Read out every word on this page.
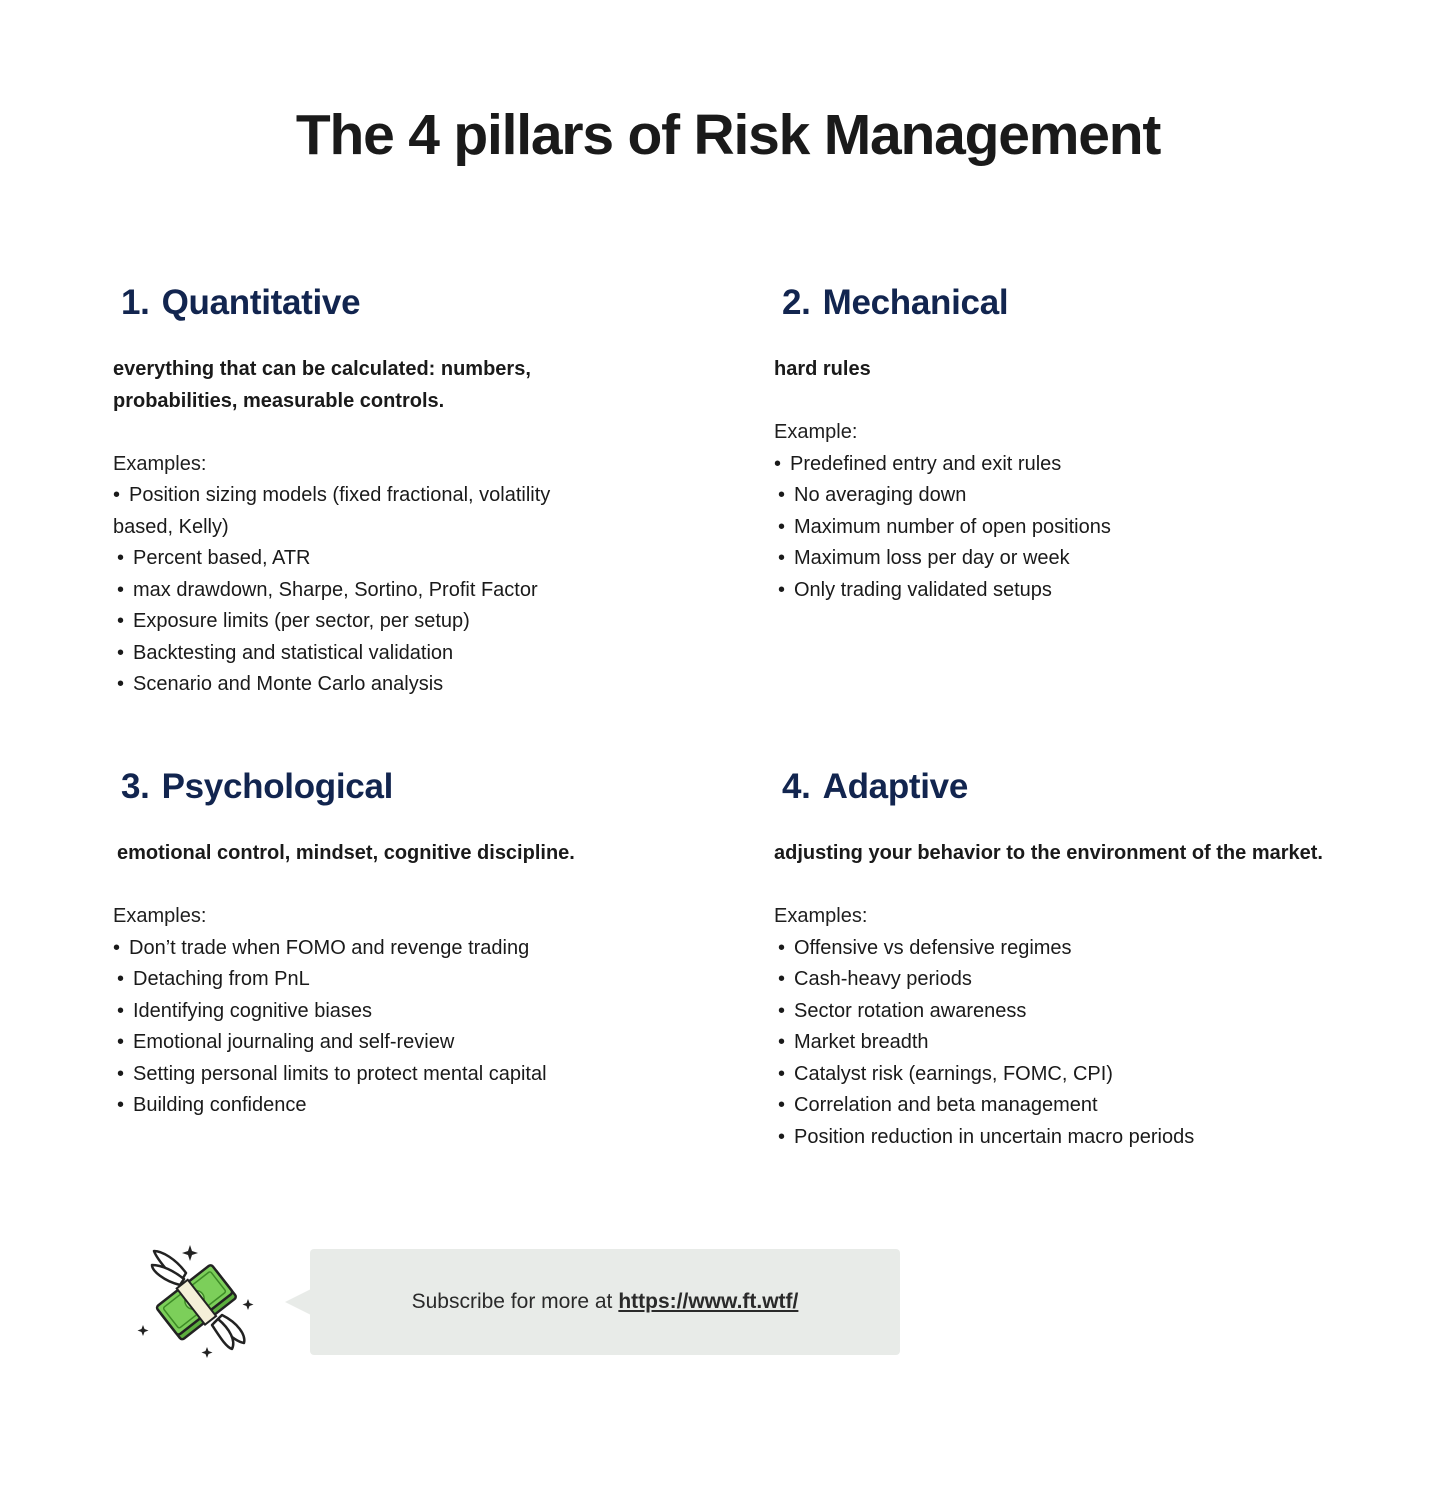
The 4 pillars of Risk Management
1. Quantitative
everything that can be calculated: numbers, probabilities, measurable controls.
Examples:
• Position sizing models (fixed fractional, volatility based, Kelly)
• Percent based, ATR
• max drawdown, Sharpe, Sortino, Profit Factor
• Exposure limits (per sector, per setup)
• Backtesting and statistical validation
• Scenario and Monte Carlo analysis
2. Mechanical
hard rules
Example:
• Predefined entry and exit rules
• No averaging down
• Maximum number of open positions
• Maximum loss per day or week
• Only trading validated setups
3. Psychological
emotional control, mindset, cognitive discipline.
Examples:
• Don’t trade when FOMO and revenge trading
• Detaching from PnL
• Identifying cognitive biases
• Emotional journaling and self-review
• Setting personal limits to protect mental capital
• Building confidence
4. Adaptive
adjusting your behavior to the environment of the market.
Examples:
• Offensive vs defensive regimes
• Cash-heavy periods
• Sector rotation awareness
• Market breadth
• Catalyst risk (earnings, FOMC, CPI)
• Correlation and beta management
• Position reduction in uncertain macro periods
Subscribe for more at https://www.ft.wtf/
